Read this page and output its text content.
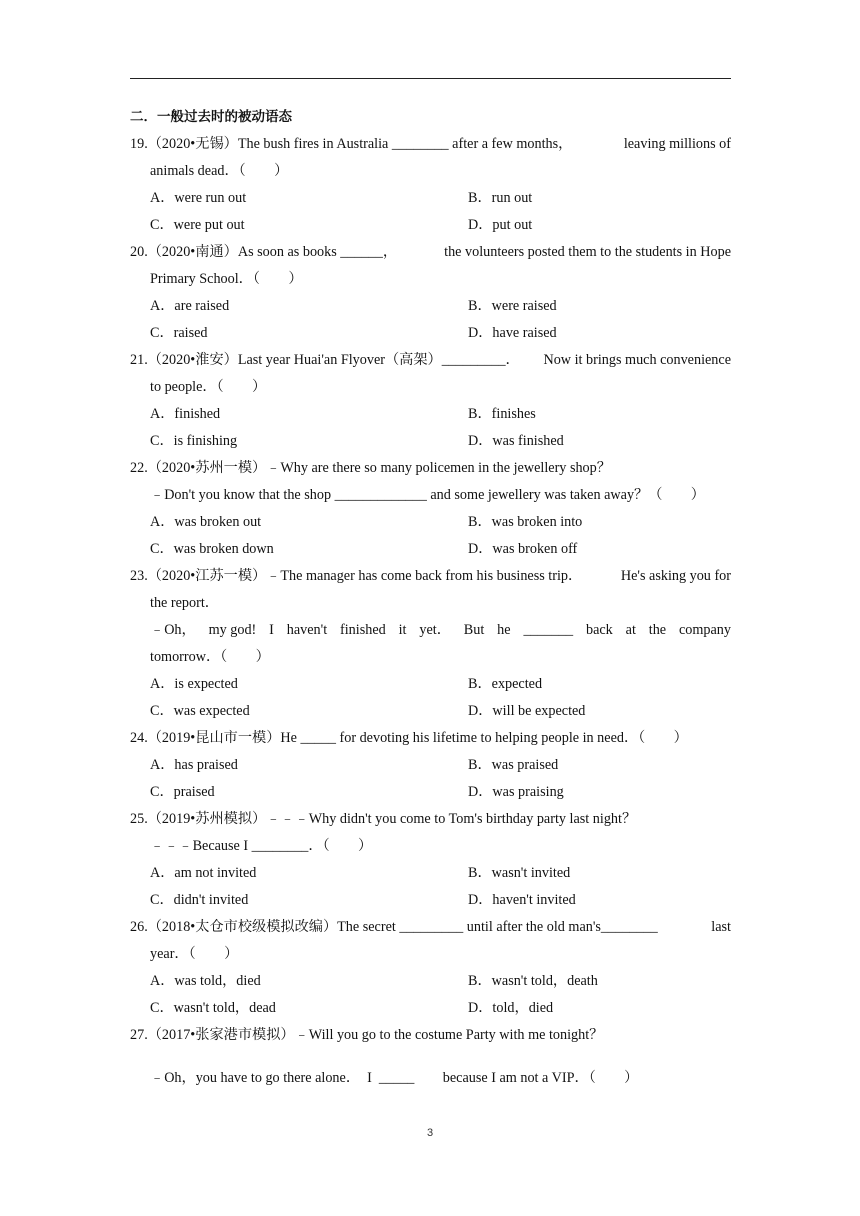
二．一般过去时的被动语态
19.（2020•无锡）The bush fires in Australia ________ after a few months，	leaving millions of
animals dead．（　　）
A．were run out	B．run out
C．were put out	D．put out
20.（2020•南通）As soon as books ______，	the volunteers posted them to the students in Hope
Primary School．（　　）
A．are raised	B．were raised
C．raised	D．have raised
21.（2020•淮安）Last year Huai'an Flyover（高架）_________． Now it brings much convenience
to people．（　　）
A．finished	B．finishes
C．is finishing	D．was finished
22.（2020•苏州一模）﹣Why are there so many policemen in the jewellery shop？
﹣Don't you know that the shop _____________ and some jewellery was taken away？（　　）
A．was broken out	B．was broken into
C．was broken down	D．was broken off
23.（2020•江苏一模）﹣The manager has come back from his business trip．	He's asking you for
the report．
﹣Oh， my god! I haven't finished it yet． But he _______ back at the company
tomorrow．（　　）
A．is expected	B．expected
C．was expected	D．will be expected
24.（2019•昆山市一模）He _____ for devoting his lifetime to helping people in need．（　　）
A．has praised	B．was praised
C．praised	D．was praising
25.（2019•苏州模拟）﹣﹣﹣Why didn't you come to Tom's birthday party last night？
﹣﹣﹣Because I ________．（　　）
A．am not invited	B．wasn't invited
C．didn't invited	D．haven't invited
26.（2018•太仓市校级模拟改编）The secret _________ until after the old man's________	last
year．（　　）
A．was told，died	B．wasn't told，death
C．wasn't told，dead	D．told，died
27.（2017•张家港市模拟）﹣Will you go to the costume Party with me tonight？
﹣Oh，you have to go there alone．  I  _____        because I am not a VIP．（　　）
3
